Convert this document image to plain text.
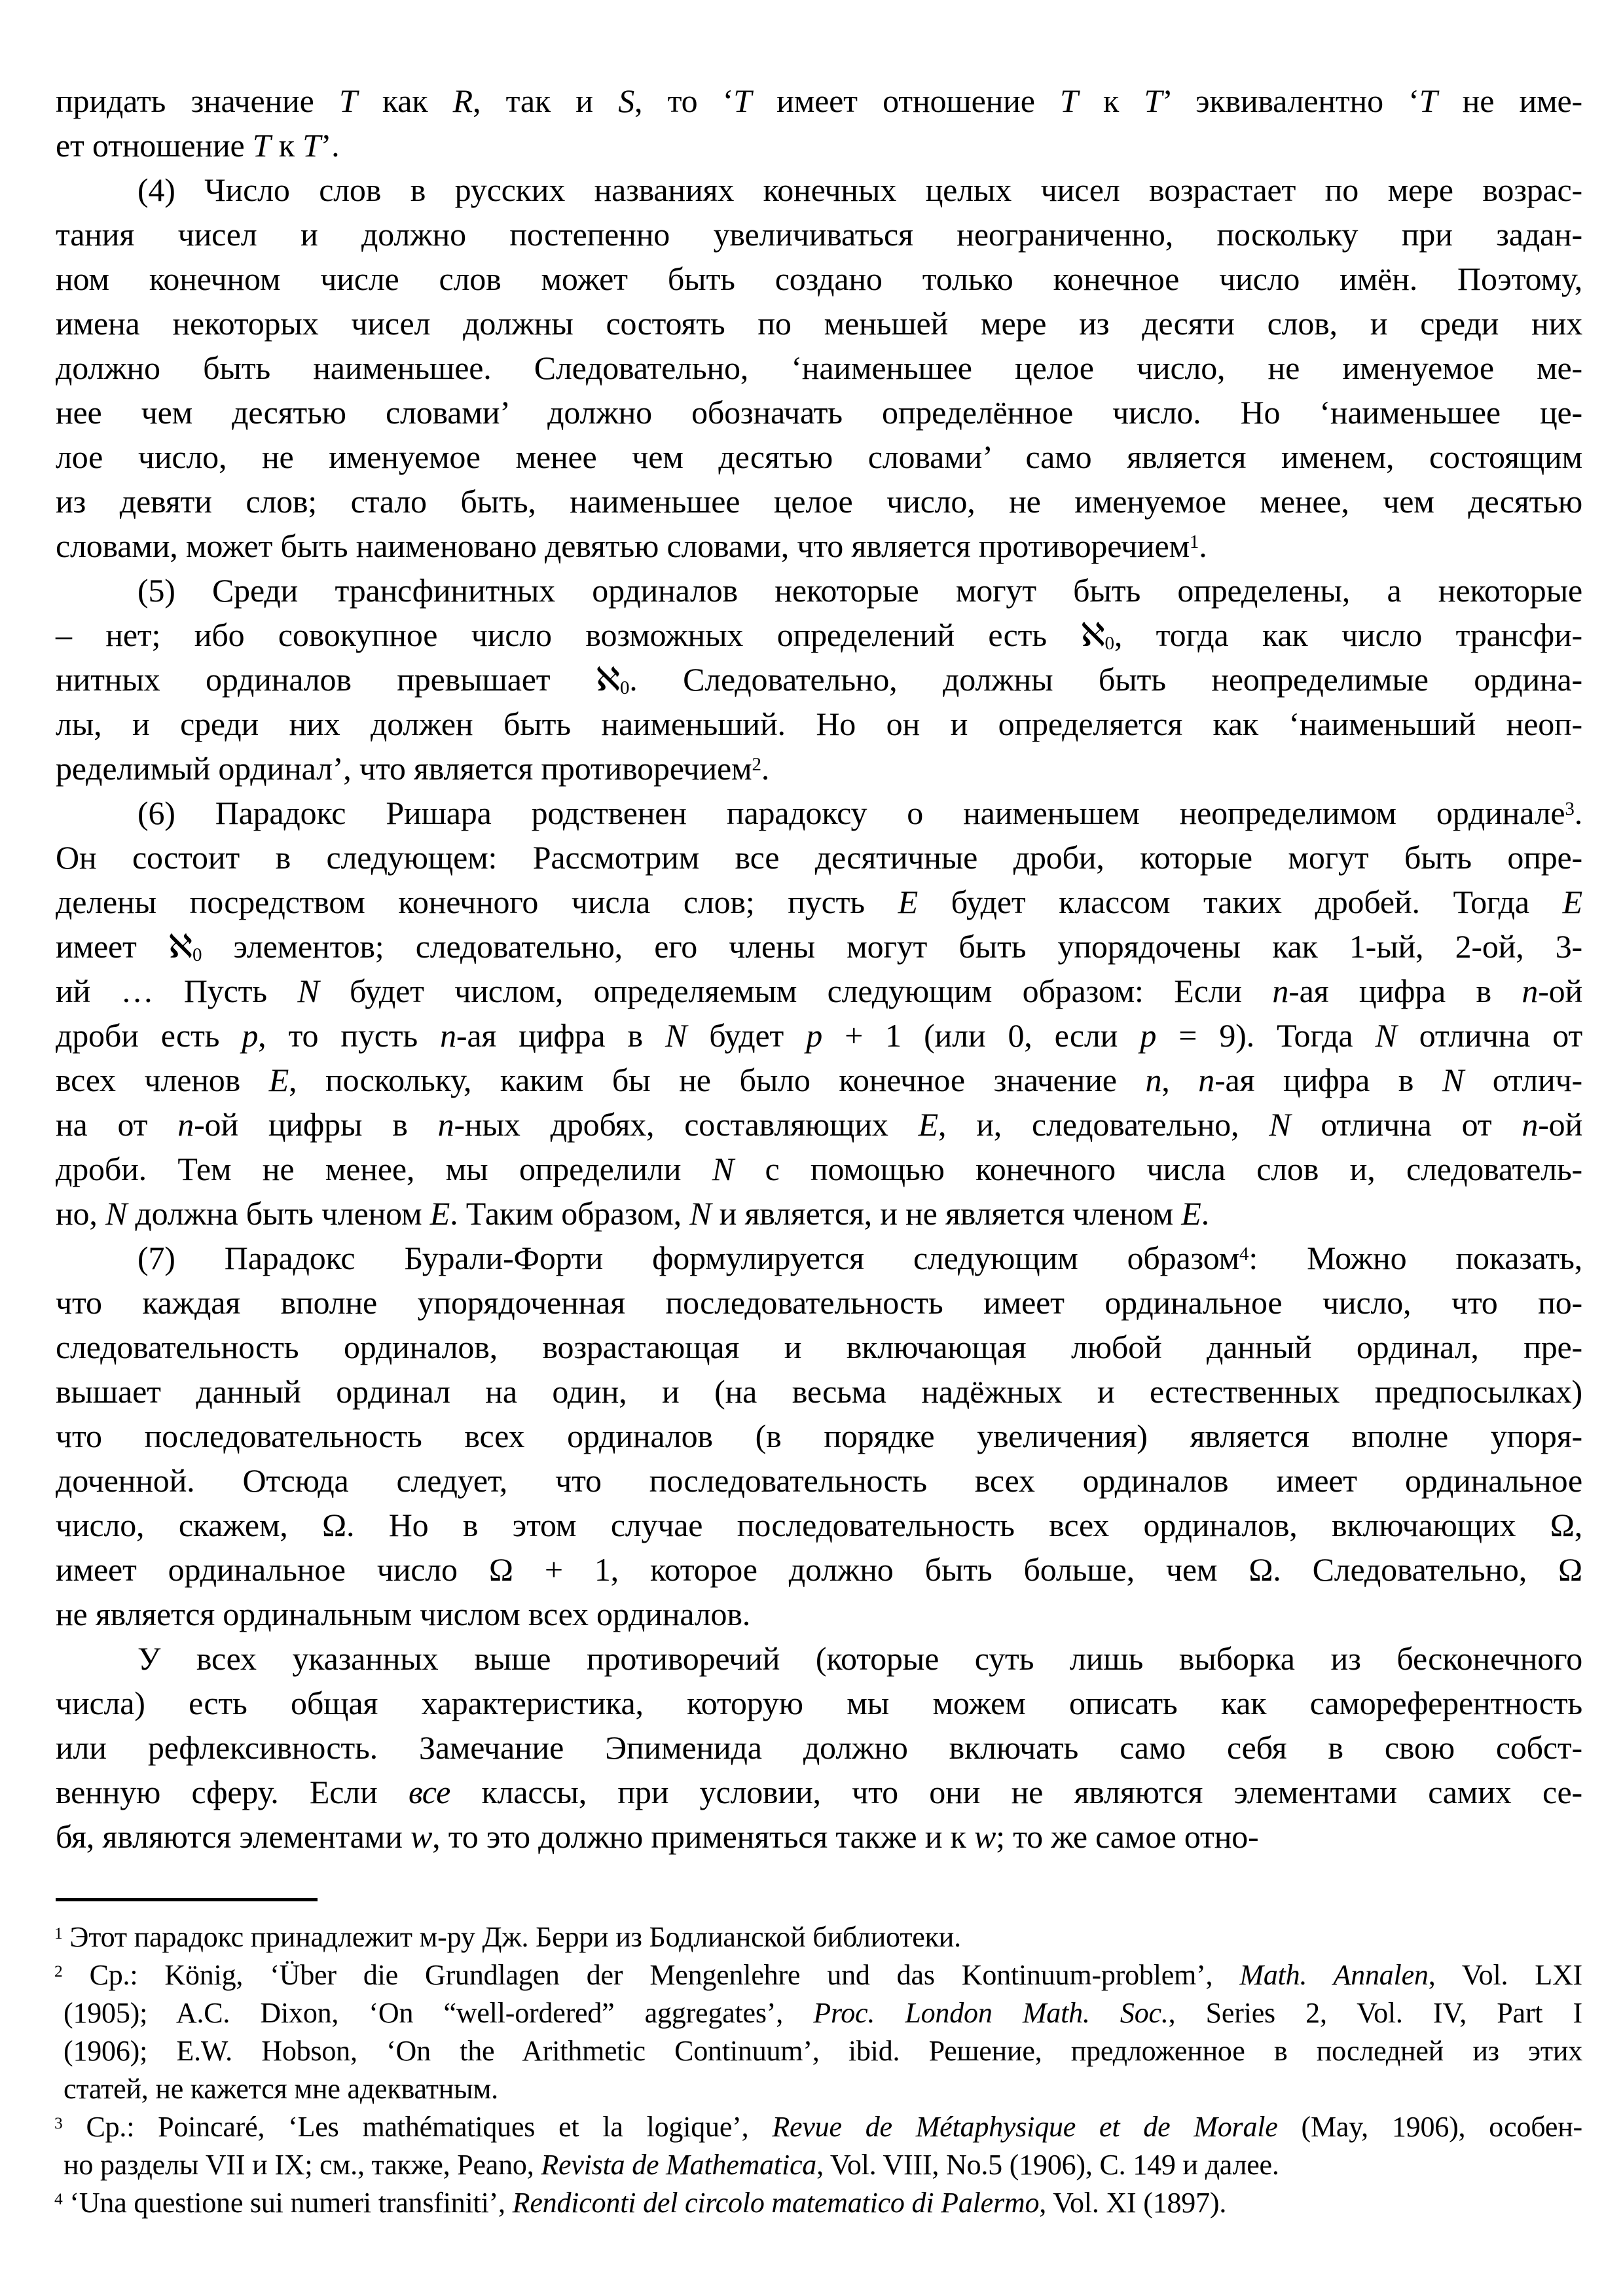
придать значение T как R, так и S, то ‘T имеет отношение T к T’ эквивалентно ‘T не име-
ет отношение T к T’.
(4) Число слов в русских названиях конечных целых чисел возрастает по мере возрас-
тания чисел и должно постепенно увеличиваться неограниченно, поскольку при задан-
ном конечном числе слов может быть создано только конечное число имён. Поэтому,
имена некоторых чисел должны состоять по меньшей мере из десяти слов, и среди них
должно быть наименьшее. Следовательно, ‘наименьшее целое число, не именуемое ме-
нее чем десятью словами’ должно обозначать определённое число. Но ‘наименьшее це-
лое число, не именуемое менее чем десятью словами’ само является именем, состоящим
из девяти слов; стало быть, наименьшее целое число, не именуемое менее, чем десятью
словами, может быть наименовано девятью словами, что является противоречием$^1$.
(5) Среди трансфинитных ординалов некоторые могут быть определены, а некоторые
– нет; ибо совокупное число возможных определений есть ℵ$_0$, тогда как число трансфи-
нитных ординалов превышает ℵ$_0$. Следовательно, должны быть неопределимые ордина-
лы, и среди них должен быть наименьший. Но он и определяется как ‘наименьший неоп-
ределимый ординал’, что является противоречием$^2$.
(6) Парадокс Ришара родственен парадоксу о наименьшем неопределимом ординале$^3$.
Он состоит в следующем: Рассмотрим все десятичные дроби, которые могут быть опре-
делены посредством конечного числа слов; пусть E будет классом таких дробей. Тогда E
имеет ℵ$_0$ элементов; следовательно, его члены могут быть упорядочены как 1-ый, 2-ой, 3-
ий … Пусть N будет числом, определяемым следующим образом: Если n-ая цифра в n-ой
дроби есть p, то пусть n-ая цифра в N будет p + 1 (или 0, если p = 9). Тогда N отлична от
всех членов E, поскольку, каким бы не было конечное значение n, n-ая цифра в N отлич-
на от n-ой цифры в n-ных дробях, составляющих E, и, следовательно, N отлична от n-ой
дроби. Тем не менее, мы определили N с помощью конечного числа слов и, следователь-
но, N должна быть членом E. Таким образом, N и является, и не является членом E.
(7) Парадокс Бурали-Форти формулируется следующим образом$^4$: Можно показать,
что каждая вполне упорядоченная последовательность имеет ординальное число, что по-
следовательность ординалов, возрастающая и включающая любой данный ординал, пре-
вышает данный ординал на один, и (на весьма надёжных и естественных предпосылках)
что последовательность всех ординалов (в порядке увеличения) является вполне упоря-
доченной. Отсюда следует, что последовательность всех ординалов имеет ординальное
число, скажем, Ω. Но в этом случае последовательность всех ординалов, включающих Ω,
имеет ординальное число Ω + 1, которое должно быть больше, чем Ω. Следовательно, Ω
не является ординальным числом всех ординалов.
У всех указанных выше противоречий (которые суть лишь выборка из бесконечного
числа) есть общая характеристика, которую мы можем описать как самореферентность
или рефлексивность. Замечание Эпименида должно включать само себя в свою собст-
венную сферу. Если все классы, при условии, что они не являются элементами самих се-
бя, являются элементами w, то это должно применяться также и к w; то же самое отно-
$^1$ Этот парадокс принадлежит м-ру Дж. Берри из Бодлианской библиотеки.
$^2$ Ср.: König, ‘Über die Grundlagen der Mengenlehre und das Kontinuum-problem’, Math. Annalen, Vol. LXI
(1905); A.C. Dixon, ‘On “well-ordered” aggregates’, Proc. London Math. Soc., Series 2, Vol. IV, Part I
(1906); E.W. Hobson, ‘On the Arithmetic Continuum’, ibid. Решение, предложенное в последней из этих
статей, не кажется мне адекватным.
$^3$ Ср.: Poincaré, ‘Les mathématiques et la logique’, Revue de Métaphysique et de Morale (May, 1906), особен-
но разделы VII и IX; см., также, Peano, Revista de Mathematica, Vol. VIII, No.5 (1906), С. 149 и далее.
$^4$ ‘Una questione sui numeri transfiniti’, Rendiconti del circolo matematico di Palermo, Vol. XI (1897).
